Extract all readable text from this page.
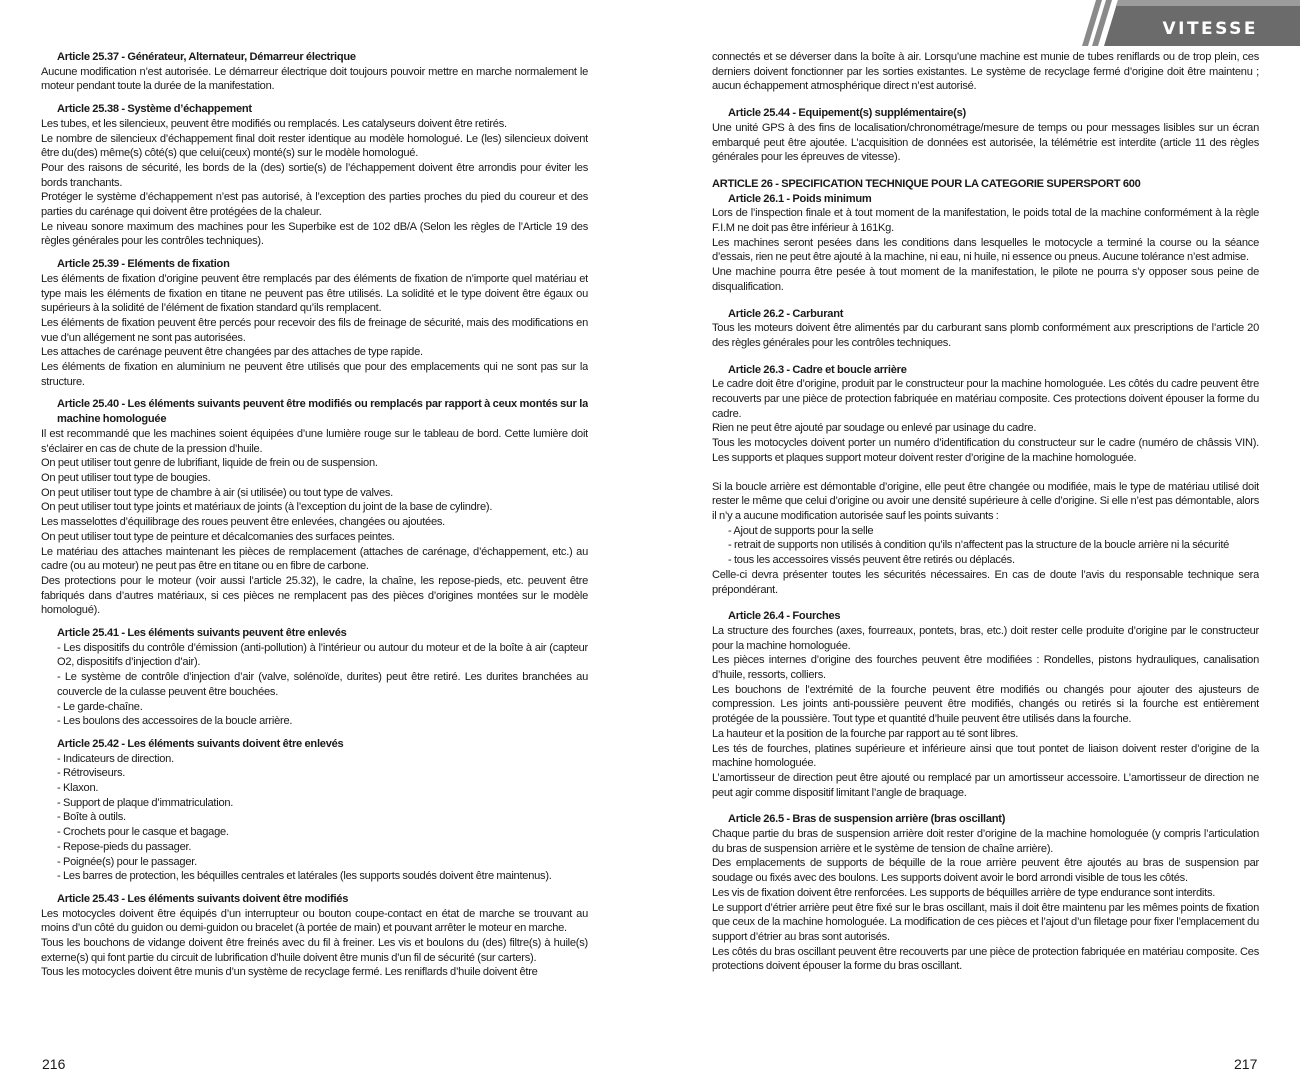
VITESSE
Article 25.37 - Générateur, Alternateur, Démarreur électrique
Aucune modification n’est autorisée. Le démarreur électrique doit toujours pouvoir mettre en marche normalement le moteur pendant toute la durée de la manifestation.
Article 25.38 - Système d’échappement
Les tubes, et les silencieux, peuvent être modifiés ou remplacés. Les catalyseurs doivent être retirés.
Le nombre de silencieux d’échappement final doit rester identique au modèle homologué. Le (les) silencieux doivent être du(des) même(s) côté(s) que celui(ceux) monté(s) sur le modèle homologué.
Pour des raisons de sécurité, les bords de la (des) sortie(s) de l’échappement doivent être arrondis pour éviter les bords tranchants.
Protéger le système d’échappement n’est pas autorisé, à l’exception des parties proches du pied du coureur et des parties du carénage qui doivent être protégées de la chaleur.
Le niveau sonore maximum des machines pour les Superbike est de 102 dB/A (Selon les règles de l’Article 19 des règles générales pour les contrôles techniques).
Article 25.39 - Eléments de fixation
Les éléments de fixation d’origine peuvent être remplacés par des éléments de fixation de n’importe quel matériau et type mais les éléments de fixation en titane ne peuvent pas être utilisés. La solidité et le type doivent être égaux ou supérieurs à la solidité de l’élément de fixation standard qu’ils remplacent.
Les éléments de fixation peuvent être percés pour recevoir des fils de freinage de sécurité, mais des modifications en vue d’un allégement ne sont pas autorisées.
Les attaches de carénage peuvent être changées par des attaches de type rapide.
Les éléments de fixation en aluminium ne peuvent être utilisés que pour des emplacements qui ne sont pas sur la structure.
Article 25.40 - Les éléments suivants peuvent être modifiés ou remplacés par rapport à ceux montés sur la machine homologuée
Il est recommandé que les machines soient équipées d’une lumière rouge sur le tableau de bord. Cette lumière doit s’éclairer en cas de chute de la pression d’huile.
On peut utiliser tout genre de lubrifiant, liquide de frein ou de suspension.
On peut utiliser tout type de bougies.
On peut utiliser tout type de chambre à air (si utilisée) ou tout type de valves.
On peut utiliser tout type joints et matériaux de joints (à l’exception du joint de la base de cylindre).
Les masselottes d’équilibrage des roues peuvent être enlevées, changées ou ajoutées.
On peut utiliser tout type de peinture et décalcomanies des surfaces peintes.
Le matériau des attaches maintenant les pièces de remplacement (attaches de carénage, d’échappement, etc.) au cadre (ou au moteur) ne peut pas être en titane ou en fibre de carbone.
Des protections pour le moteur (voir aussi l’article 25.32), le cadre, la chaîne, les repose-pieds, etc. peuvent être fabriqués dans d’autres matériaux, si ces pièces ne remplacent pas des pièces d’origines montées sur le modèle homologué).
Article 25.41 - Les éléments suivants peuvent être enlevés
- Les dispositifs du contrôle d’émission (anti-pollution) à l’intérieur ou autour du moteur et de la boîte à air (capteur O2, dispositifs d’injection d’air).
- Le système de contrôle d’injection d’air (valve, solénoïde, durites) peut être retiré. Les durites branchées au couvercle de la culasse peuvent être bouchées.
- Le garde-chaîne.
- Les boulons des accessoires de la boucle arrière.
Article 25.42 - Les éléments suivants doivent être enlevés
- Indicateurs de direction.
- Rétroviseurs.
- Klaxon.
- Support de plaque d’immatriculation.
- Boîte à outils.
- Crochets pour le casque et bagage.
- Repose-pieds du passager.
- Poignée(s) pour le passager.
- Les barres de protection, les béquilles centrales et latérales (les supports soudés doivent être maintenus).
Article 25.43 - Les éléments suivants doivent être modifiés
Les motocycles doivent être équipés d’un interrupteur ou bouton coupe-contact en état de marche se trouvant au moins d’un côté du guidon ou demi-guidon ou bracelet (à portée de main) et pouvant arrêter le moteur en marche.
Tous les bouchons de vidange doivent être freinés avec du fil à freiner. Les vis et boulons du (des) filtre(s) à huile(s) externe(s) qui font partie du circuit de lubrification d’huile doivent être munis d’un fil de sécurité (sur carters).
Tous les motocycles doivent être munis d’un système de recyclage fermé. Les reniflards d’huile doivent être
connectés et se déverser dans la boîte à air. Lorsqu’une machine est munie de tubes reniflards ou de trop plein, ces derniers doivent fonctionner par les sorties existantes. Le système de recyclage fermé d’origine doit être maintenu ; aucun échappement atmosphérique direct n’est autorisé.
Article 25.44 - Equipement(s) supplémentaire(s)
Une unité GPS à des fins de localisation/chronométrage/mesure de temps ou pour messages lisibles sur un écran embarqué peut être ajoutée. L’acquisition de données est autorisée, la télémétrie est interdite (article 11 des règles générales pour les épreuves de vitesse).
ARTICLE 26 - SPECIFICATION TECHNIQUE POUR LA CATEGORIE SUPERSPORT 600
Article 26.1 - Poids minimum
Lors de l’inspection finale et à tout moment de la manifestation, le poids total de la machine conformément à la règle F.I.M ne doit pas être inférieur à 161Kg.
Les machines seront pesées dans les conditions dans lesquelles le motocycle a terminé la course ou la séance d’essais, rien ne peut être ajouté à la machine, ni eau, ni huile, ni essence ou pneus. Aucune tolérance n’est admise.
Une machine pourra être pesée à tout moment de la manifestation, le pilote ne pourra s’y opposer sous peine de disqualification.
Article 26.2 - Carburant
Tous les moteurs doivent être alimentés par du carburant sans plomb conformément aux prescriptions de l’article 20 des règles générales pour les contrôles techniques.
Article 26.3 - Cadre et boucle arrière
Le cadre doit être d’origine, produit par le constructeur pour la machine homologuée. Les côtés du cadre peuvent être recouverts par une pièce de protection fabriquée en matériau composite. Ces protections doivent épouser la forme du cadre.
Rien ne peut être ajouté par soudage ou enlevé par usinage du cadre.
Tous les motocycles doivent porter un numéro d’identification du constructeur sur le cadre (numéro de châssis VIN). Les supports et plaques support moteur doivent rester d’origine de la machine homologuée.
Si la boucle arrière est démontable d’origine, elle peut être changée ou modifiée, mais le type de matériau utilisé doit rester le même que celui d’origine ou avoir une densité supérieure à celle d’origine. Si elle n’est pas démontable, alors il n’y a aucune modification autorisée sauf les points suivants :
- Ajout de supports pour la selle
- retrait de supports non utilisés à condition qu’ils n’affectent pas la structure de la boucle arrière ni la sécurité
- tous les accessoires vissés peuvent être retirés ou déplacés.
Celle-ci devra présenter toutes les sécurités nécessaires. En cas de doute l’avis du responsable technique sera prépondérant.
Article 26.4 - Fourches
La structure des fourches (axes, fourreaux, pontets, bras, etc.) doit rester celle produite d’origine par le constructeur pour la machine homologuée.
Les pièces internes d’origine des fourches peuvent être modifiées : Rondelles, pistons hydrauliques, canalisation d’huile, ressorts, colliers.
Les bouchons de l’extrémité de la fourche peuvent être modifiés ou changés pour ajouter des ajusteurs de compression. Les joints anti-poussière peuvent être modifiés, changés ou retirés si la fourche est entièrement protégée de la poussière. Tout type et quantité d’huile peuvent être utilisés dans la fourche.
La hauteur et la position de la fourche par rapport au té sont libres.
Les tés de fourches, platines supérieure et inférieure ainsi que tout pontet de liaison doivent rester d’origine de la machine homologuée.
L’amortisseur de direction peut être ajouté ou remplacé par un amortisseur accessoire. L’amortisseur de direction ne peut agir comme dispositif limitant l’angle de braquage.
Article 26.5 - Bras de suspension arrière (bras oscillant)
Chaque partie du bras de suspension arrière doit rester d’origine de la machine homologuée (y compris l’articulation du bras de suspension arrière et le système de tension de chaîne arrière).
Des emplacements de supports de béquille de la roue arrière peuvent être ajoutés au bras de suspension par soudage ou fixés avec des boulons. Les supports doivent avoir le bord arrondi visible de tous les côtés.
Les vis de fixation doivent être renforcées. Les supports de béquilles arrière de type endurance sont interdits.
Le support d’étrier arrière peut être fixé sur le bras oscillant, mais il doit être maintenu par les mêmes points de fixation que ceux de la machine homologuée. La modification de ces pièces et l’ajout d’un filetage pour fixer l’emplacement du support d’étrier au bras sont autorisés.
Les côtés du bras oscillant peuvent être recouverts par une pièce de protection fabriquée en matériau composite. Ces protections doivent épouser la forme du bras oscillant.
216	217
